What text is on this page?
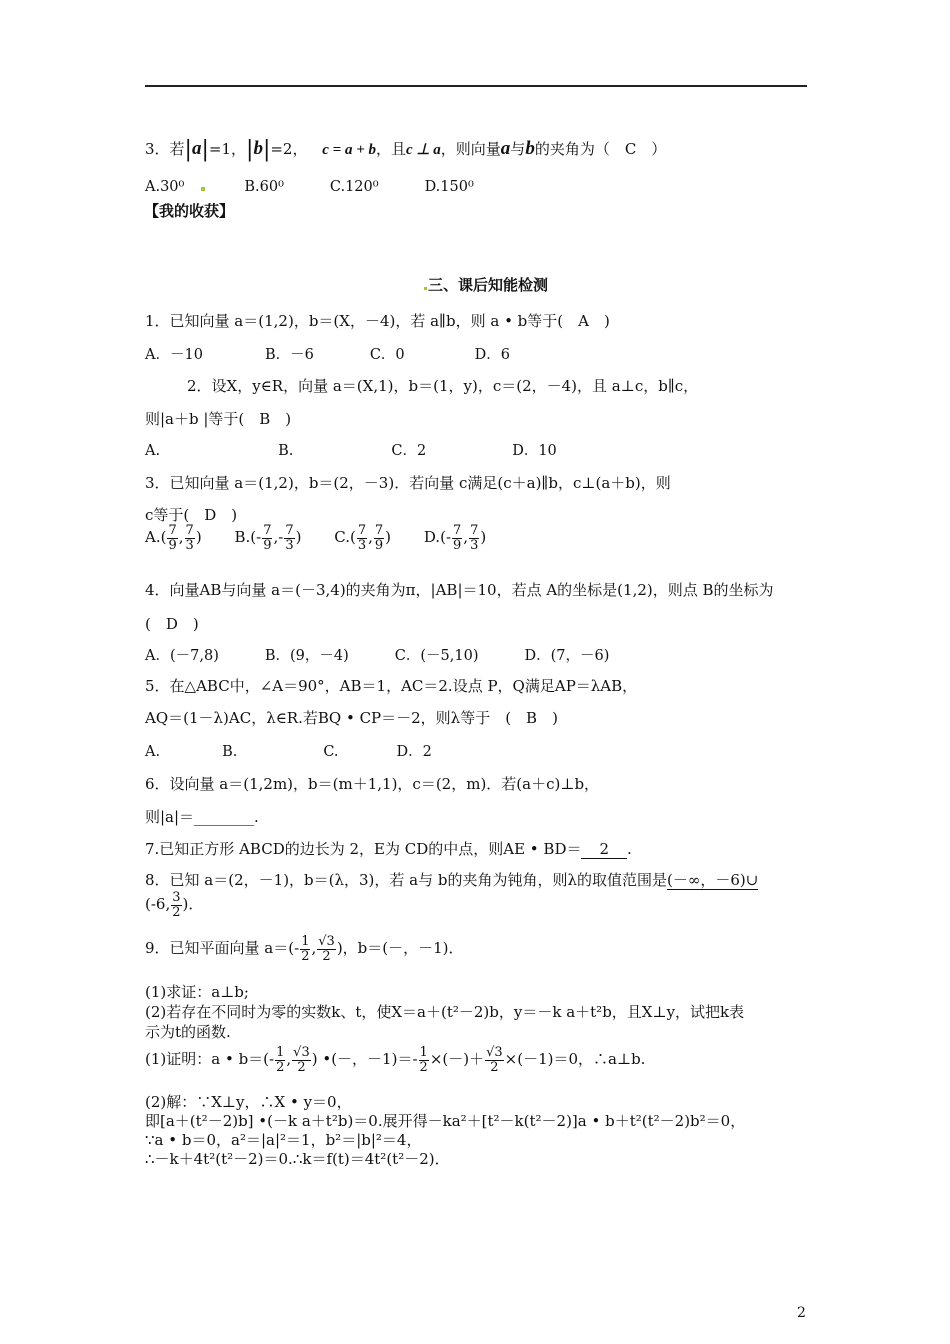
3．若|a|=1，|b|=2， c = a + b，且c ⊥ a，则向量a与b的夹角为（　C　）
A.30⁰	B.60⁰	C.120⁰	D.150⁰
【我的收获】
三、课后知能检测
1．已知向量 a＝(1,2)，b＝(X，－4)，若 a∥b，则 a • b等于(　A　)
A．－10	B．－6	C．0	D．6
2．设X，y∈R，向量 a＝(X,1)，b＝(1，y)，c＝(2，－4)，且 a⊥c，b∥c，
则|a＋b |等于(　B　)
A.	B.	C．2	D．10
3．已知向量 a＝(1,2)，b＝(2，－3)．若向量 c满足(c＋a)∥b，c⊥(a＋b)，则
c等于(　D　)
$A.( \frac{7}{9}$ , $\frac{7}{3}$ ) $B.(- \frac{7}{9}$ ,- $\frac{7}{3}$ ) $C.( \frac{7}{3}$ , $\frac{7}{9}$ ) $D.(- \frac{7}{9}$ , $\frac{7}{3}$ )
4．向量AB与向量 a＝(－3,4)的夹角为π，|AB|＝10，若点 A的坐标是(1,2)，则点 B的坐标为
(　D　)
A．(－7,8)	B．(9，－4)	C．(－5,10)	D．(7，－6)
5．在△ABC中，∠A＝90°，AB＝1，AC＝2.设点 P，Q满足AP＝λAB，
AQ＝(1－λ)AC，λ∈R.若BQ • CP＝－2，则λ等于　(　B　)
A.	B.	C.	D．2
6．设向量 a＝(1,2m)，b＝(m＋1,1)，c＝(2，m)．若(a＋c)⊥b，
则|a|＝________.
7.已知正方形 ABCD的边长为 2，E为 CD的中点，则AE • BD＝ 2 .
8．已知 a＝(2，－1)，b＝(λ，3)，若 a与 b的夹角为钝角，则λ的取值范围是(－∞，－6)∪
(-6, $\frac{3}{2}$ )．
9．已知平面向量 $a=(- \frac{1}{2}$ , $\frac{√3}{2}$ )，b＝(－，－1)．
(1)求证：a⊥b;
(2)若存在不同时为零的实数k、t，使X＝a＋(t²－2)b，y＝－k a＋t²b，且X⊥y，试把k表
示为t的函数.
(1)证明：a • $b=(- \frac{1}{2}$ , $\frac{√3}{2}$ ) •(－，$-1)=- \frac{1}{2}$ ×(－)＋ $\frac{√3}{2} \times(-1)=0$，∴a⊥b.
(2)解：∵X⊥y，∴X • y＝0，
即[a＋(t²－2)b] •(－k a＋t²b)＝0.展开得－ka²＋[t²－k(t²－2)]a • b＋t²(t²－2)b²＝0，
∵a • b＝0，a²＝|a|²＝1，b²＝|b|²＝4，
∴－k＋4t²(t²－2)＝0.∴k＝f(t)＝4t²(t²－2)．
2
